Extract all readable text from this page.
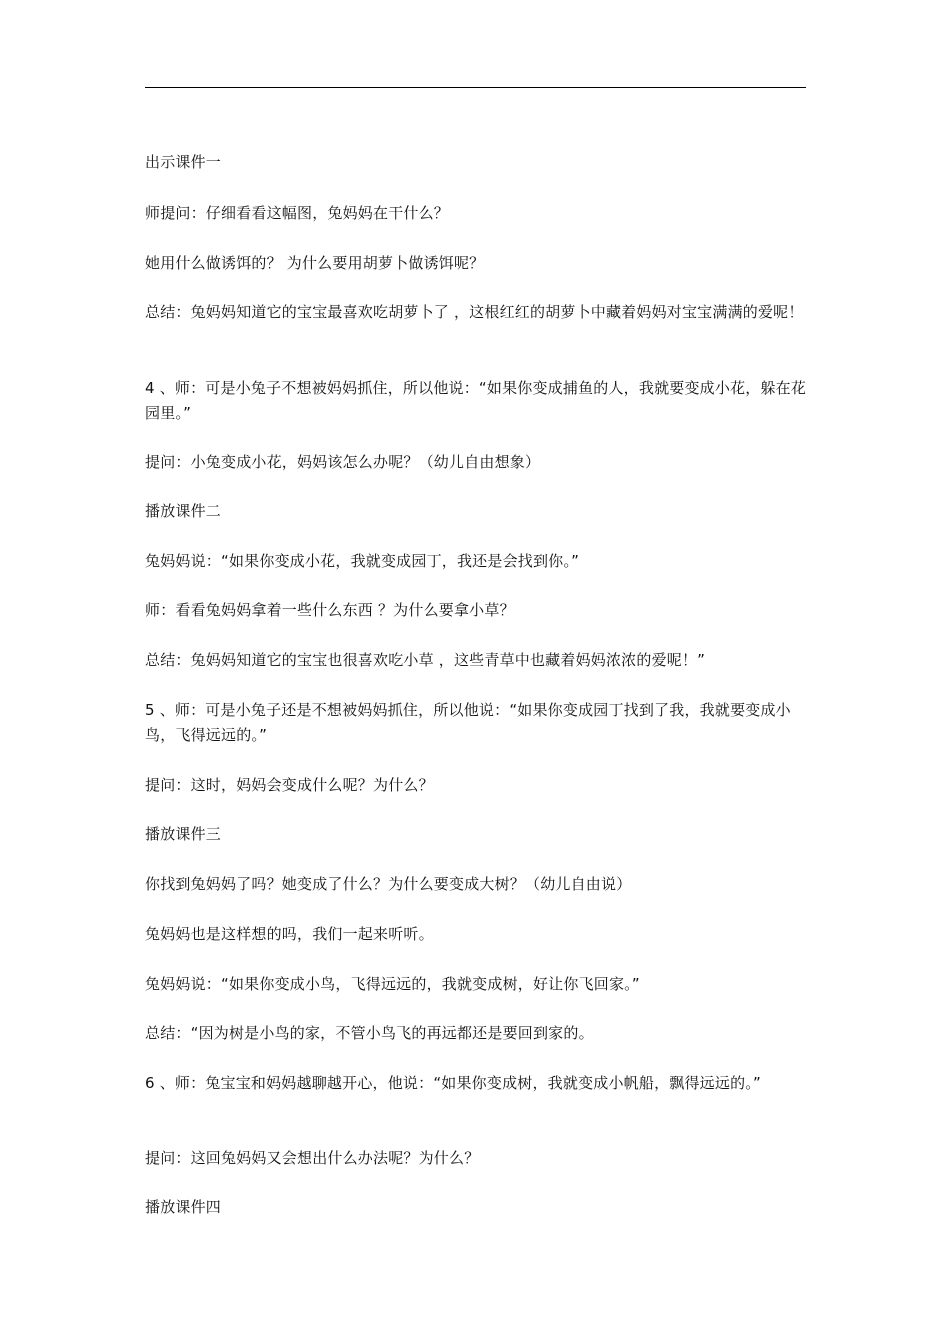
出示课件一

师提问：仔细看看这幅图，兔妈妈在干什么？

她用什么做诱饵的？ 为什么要用胡萝卜做诱饵呢？

总结：兔妈妈知道它的宝宝最喜欢吃胡萝卜了 ，这根红红的胡萝卜中藏着妈妈对宝宝满满的爱呢！

4 、师：可是小兔子不想被妈妈抓住，所以他说：“如果你变成捕鱼的人，我就要变成小花，躲在花园里。”

提问：小兔变成小花，妈妈该怎么办呢？（幼儿自由想象）

播放课件二

兔妈妈说：“如果你变成小花，我就变成园丁，我还是会找到你。”

师：看看兔妈妈拿着一些什么东西 ？为什么要拿小草？

总结：兔妈妈知道它的宝宝也很喜欢吃小草 ，这些青草中也藏着妈妈浓浓的爱呢！”

5 、师：可是小兔子还是不想被妈妈抓住，所以他说：“如果你变成园丁找到了我，我就要变成小鸟，飞得远远的。”

提问：这时，妈妈会变成什么呢？为什么？

播放课件三

你找到兔妈妈了吗？她变成了什么？为什么要变成大树？（幼儿自由说）

兔妈妈也是这样想的吗，我们一起来听听。

兔妈妈说：“如果你变成小鸟，飞得远远的，我就变成树，好让你飞回家。”

总结：“因为树是小鸟的家，不管小鸟飞的再远都还是要回到家的。

6 、师：兔宝宝和妈妈越聊越开心，他说：“如果你变成树，我就变成小帆船，飘得远远的。”

提问：这回兔妈妈又会想出什么办法呢？为什么？

播放课件四
